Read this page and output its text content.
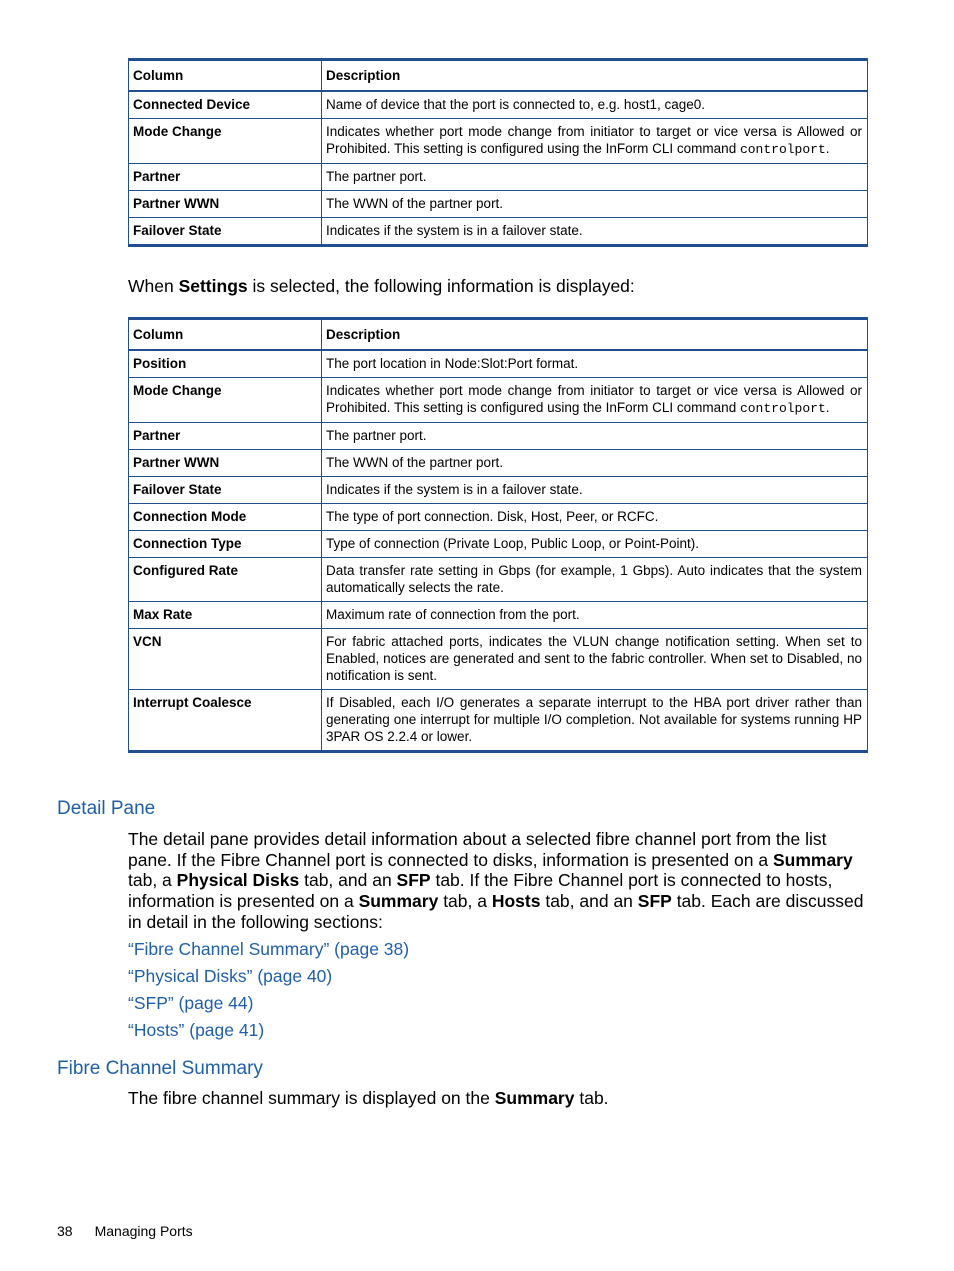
Column	Description
Connected Device	Name of device that the port is connected to, e.g. host1, cage0.
Mode Change	Indicates whether port mode change from initiator to target or vice versa is Allowed or Prohibited. This setting is configured using the InForm CLI command controlport.
Partner	The partner port.
Partner WWN	The WWN of the partner port.
Failover State	Indicates if the system is in a failover state.
When Settings is selected, the following information is displayed:
Column	Description
Position	The port location in Node:Slot:Port format.
Mode Change	Indicates whether port mode change from initiator to target or vice versa is Allowed or Prohibited. This setting is configured using the InForm CLI command controlport.
Partner	The partner port.
Partner WWN	The WWN of the partner port.
Failover State	Indicates if the system is in a failover state.
Connection Mode	The type of port connection. Disk, Host, Peer, or RCFC.
Connection Type	Type of connection (Private Loop, Public Loop, or Point-Point).
Configured Rate	Data transfer rate setting in Gbps (for example, 1 Gbps). Auto indicates that the system automatically selects the rate.
Max Rate	Maximum rate of connection from the port.
VCN	For fabric attached ports, indicates the VLUN change notification setting. When set to Enabled, notices are generated and sent to the fabric controller. When set to Disabled, no notification is sent.
Interrupt Coalesce	If Disabled, each I/O generates a separate interrupt to the HBA port driver rather than generating one interrupt for multiple I/O completion. Not available for systems running HP 3PAR OS 2.2.4 or lower.
Detail Pane
The detail pane provides detail information about a selected fibre channel port from the list pane. If the Fibre Channel port is connected to disks, information is presented on a Summary tab, a Physical Disks tab, and an SFP tab. If the Fibre Channel port is connected to hosts, information is presented on a Summary tab, a Hosts tab, and an SFP tab. Each are discussed in detail in the following sections:
“Fibre Channel Summary” (page 38)
“Physical Disks” (page 40)
“SFP” (page 44)
“Hosts” (page 41)
Fibre Channel Summary
The fibre channel summary is displayed on the Summary tab.
38 Managing Ports
